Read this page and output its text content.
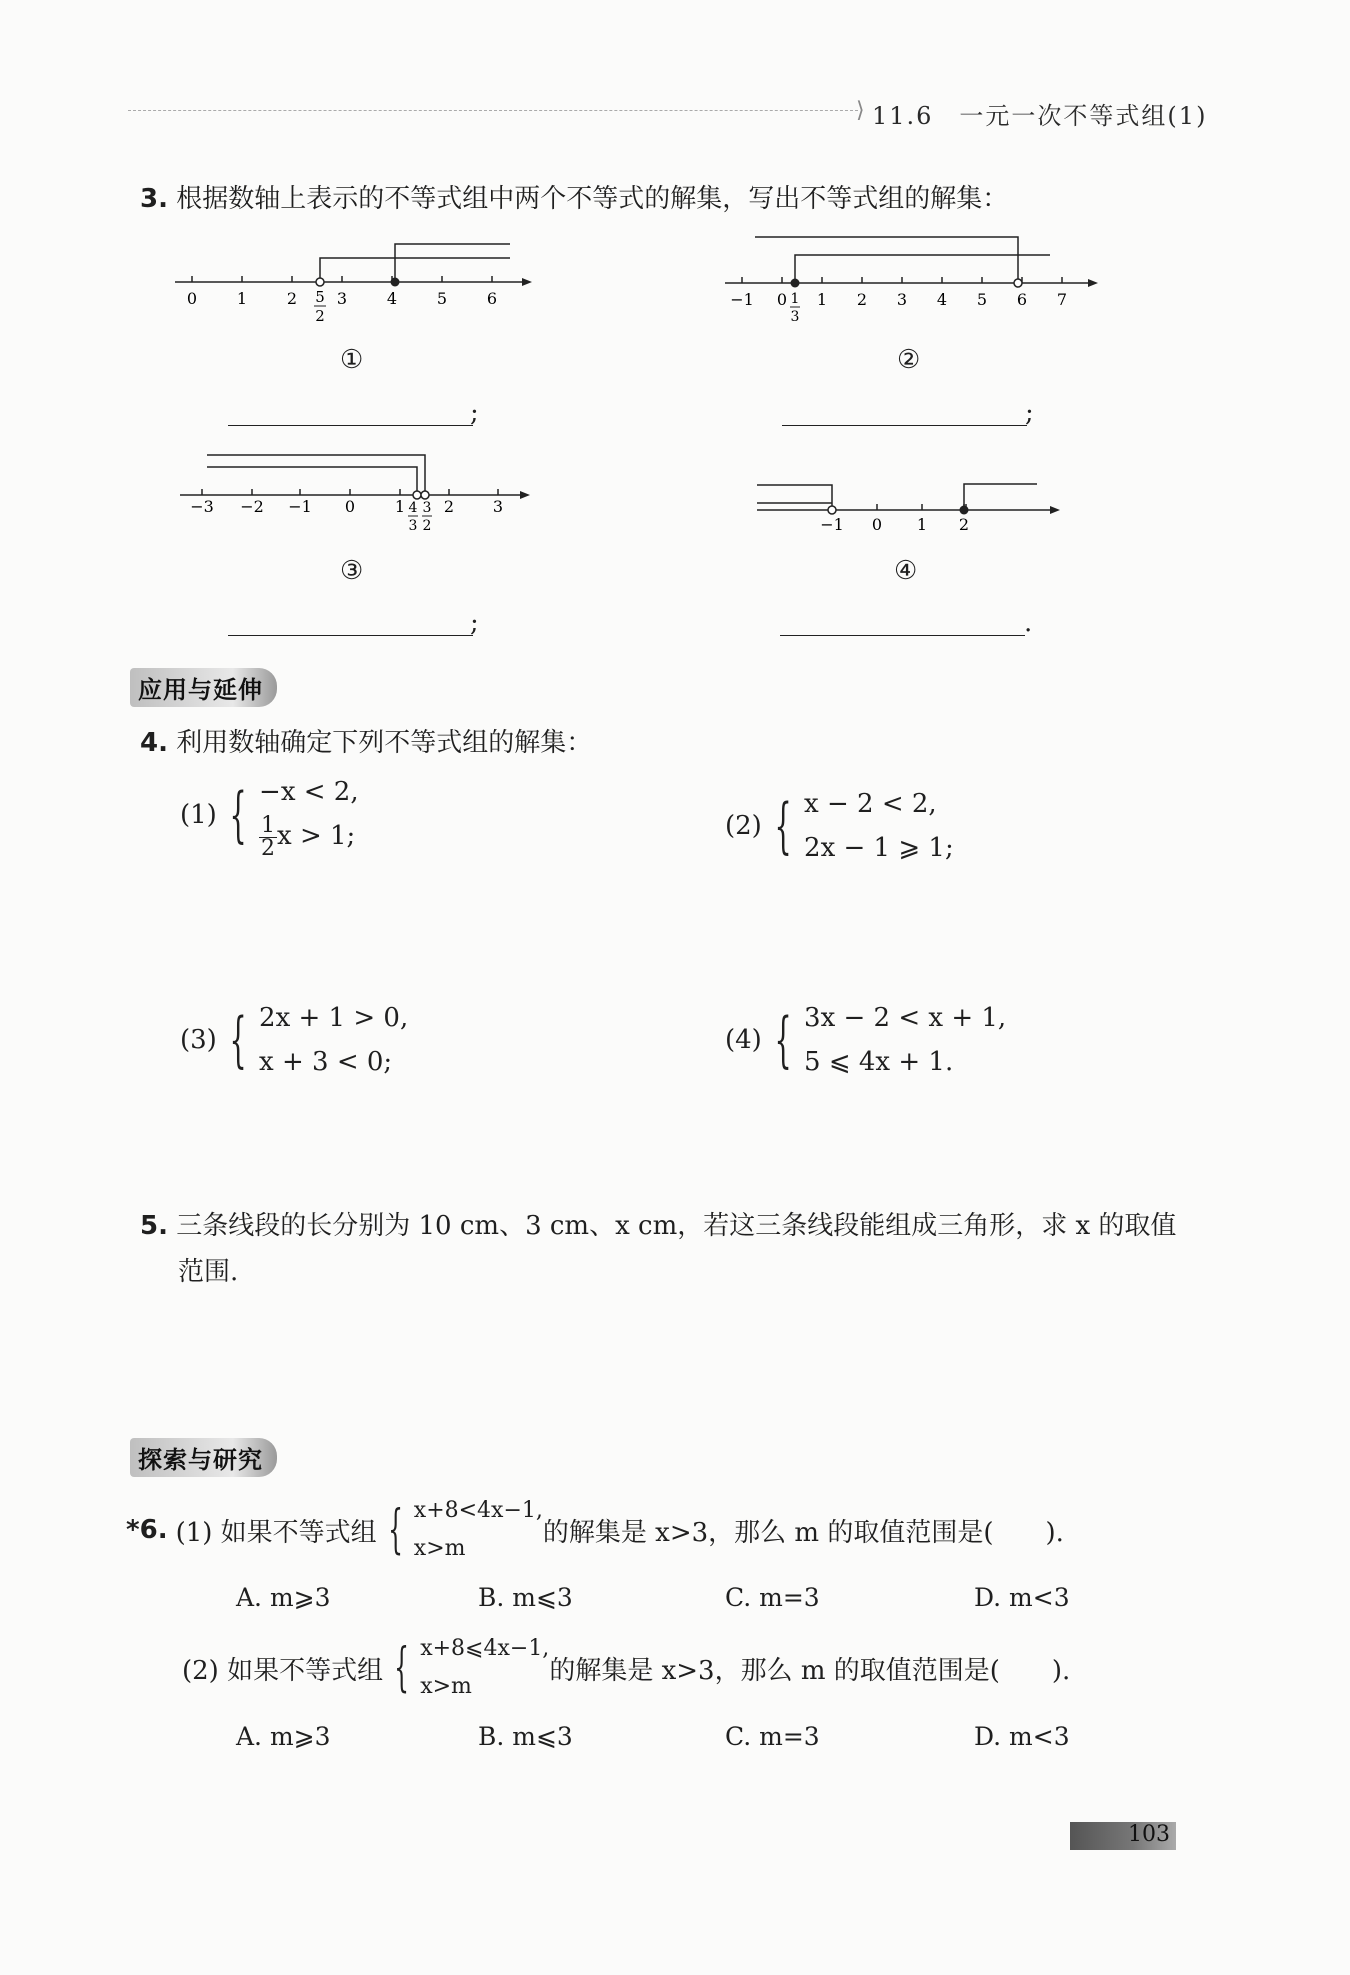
⟩ 11.6　一元一次不等式组(1)
3. 根据数轴上表示的不等式组中两个不等式的解集，写出不等式组的解集：
0 1 2 3 4 5 6
5
2
−1 0 1 2 3 4 5 6 7
1
3
①	②
;	;
−3 −2 −1 0 1 2 3
4
3
3
2	−1 0 1 2
③	④
;	.
应用与延伸
4. 利用数轴确定下列不等式组的解集：
(1) { −x < 2,
$\frac{1}{2}$ x > 1;	(2) { x − 2 < 2,
2x − 1 ⩾ 1;
(3) { 2x + 1 > 0,
x + 3 < 0;
(4) { 3x − 2 < x + 1,
5 ⩽ 4x + 1.
5. 三条线段的长分别为 10 cm、3 cm、x cm，若这三条线段能组成三角形，求 x 的取值
范围.
探索与研究
*6. (1) 如果不等式组 { x+8<4x−1,
x>m
的解集是 x>3，那么 m 的取值范围是(　　).
A. m⩾3	B. m⩽3	C. m=3	D. m<3
(2) 如果不等式组 { x+8⩽4x−1,
x>m
的解集是 x>3，那么 m 的取值范围是(　　).
A. m⩾3	B. m⩽3	C. m=3	D. m<3
103
